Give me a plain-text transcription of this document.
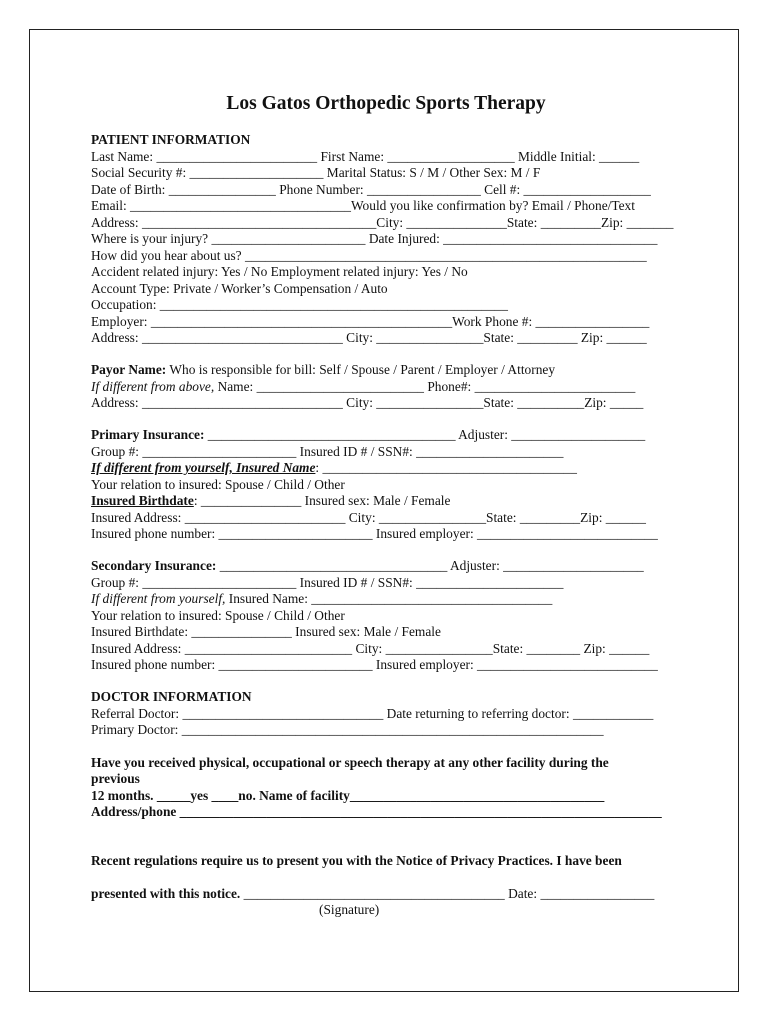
Los Gatos Orthopedic Sports Therapy
PATIENT INFORMATION
Last Name: ________________________ First Name: ___________________ Middle Initial: ______
Social Security #: ____________________ Marital Status: S / M / Other Sex: M / F
Date of Birth: ________________ Phone Number: _________________ Cell #: ___________________
Email: _________________________________Would you like confirmation by? Email / Phone/Text
Address: ___________________________________City: _______________State: _________Zip: _______
Where is your injury? _______________________ Date Injured: ________________________________
How did you hear about us? ____________________________________________________________
Accident related injury: Yes / No Employment related injury: Yes / No
Account Type: Private / Worker’s Compensation / Auto
Occupation: ____________________________________________________
Employer: _____________________________________________Work Phone #: _________________
Address: ______________________________ City: ________________State: _________ Zip: ______
Payor Name: Who is responsible for bill: Self / Spouse / Parent / Employer / Attorney
If different from above, Name: _________________________ Phone#: ________________________
Address: ______________________________ City: ________________State: __________Zip: _____
Primary Insurance: _____________________________________ Adjuster: ____________________
Group #: _______________________ Insured ID # / SSN#: ______________________
If different from yourself, Insured Name: ______________________________________
Your relation to insured: Spouse / Child / Other
Insured Birthdate: _______________ Insured sex: Male / Female
Insured Address: ________________________ City: ________________State: _________Zip: ______
Insured phone number: _______________________ Insured employer: ___________________________
Secondary Insurance: __________________________________ Adjuster: _____________________
Group #: _______________________ Insured ID # / SSN#: ______________________
If different from yourself, Insured Name: ____________________________________
Your relation to insured: Spouse / Child / Other
Insured Birthdate: _______________ Insured sex: Male / Female
Insured Address: _________________________ City: ________________State: ________ Zip: ______
Insured phone number: _______________________ Insured employer: ___________________________
DOCTOR INFORMATION
Referral Doctor: ______________________________ Date returning to referring doctor: ____________
Primary Doctor: _______________________________________________________________
Have you received physical, occupational or speech therapy at any other facility during the
previous
12 months. _____yes ____no. Name of facility______________________________________
Address/phone ________________________________________________________________________
Recent regulations require us to present you with the Notice of Privacy Practices. I have been
presented with this notice. _______________________________________ Date: _________________
(Signature)
